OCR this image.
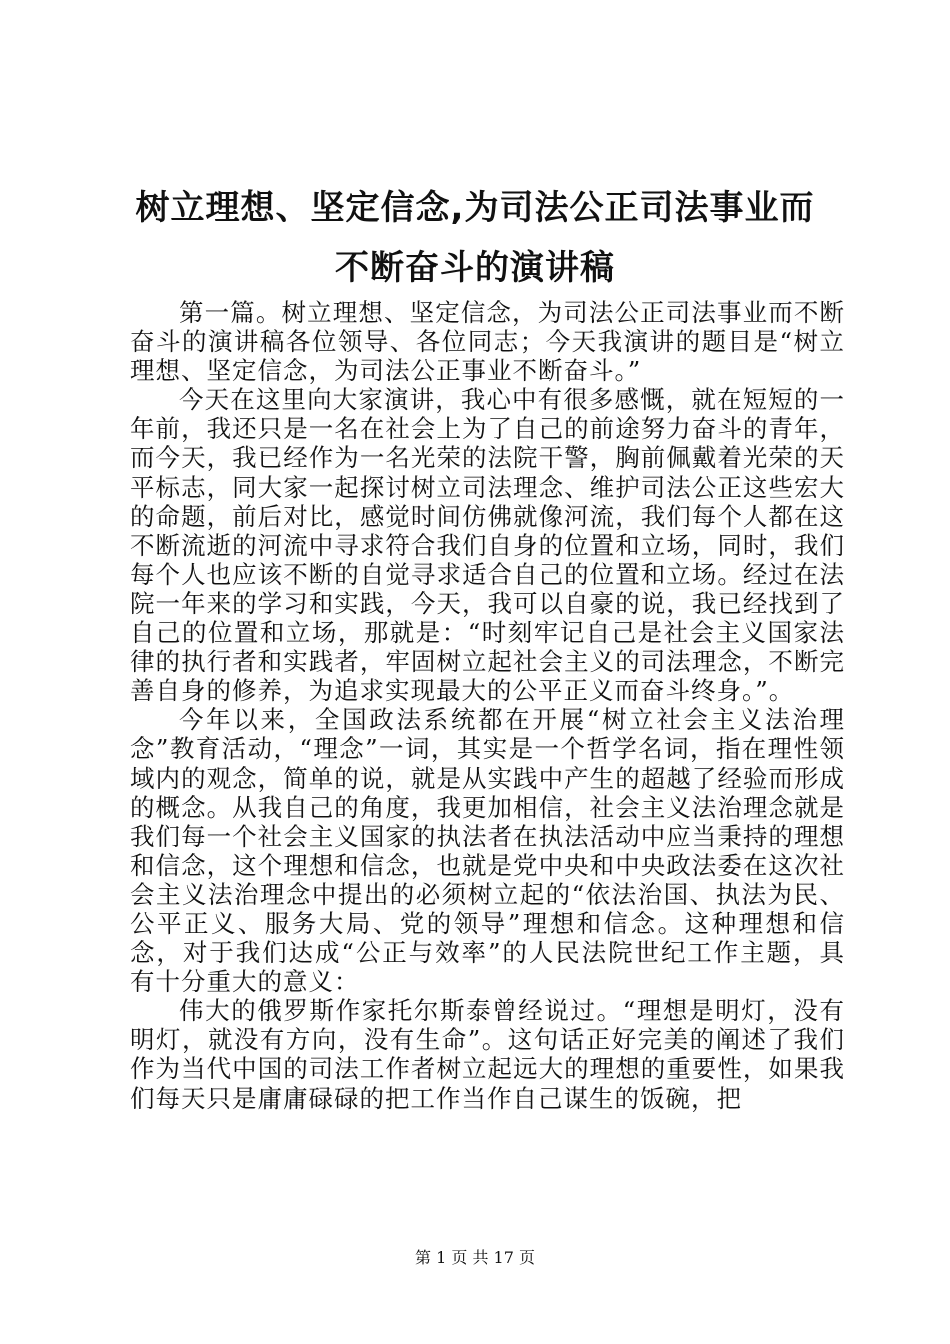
树立理想、坚定信念,为司法公正司法事业而
不断奋斗的演讲稿

第一篇。树立理想、坚定信念，为司法公正司法事业而不断奋斗的演讲稿各位领导、各位同志；今天我演讲的题目是“树立理想、坚定信念，为司法公正事业不断奋斗。”

今天在这里向大家演讲，我心中有很多感慨，就在短短的一年前，我还只是一名在社会上为了自己的前途努力奋斗的青年，而今天，我已经作为一名光荣的法院干警，胸前佩戴着光荣的天平标志，同大家一起探讨树立司法理念、维护司法公正这些宏大的命题，前后对比，感觉时间仿佛就像河流，我们每个人都在这不断流逝的河流中寻求符合我们自身的位置和立场，同时，我们每个人也应该不断的自觉寻求适合自己的位置和立场。经过在法院一年来的学习和实践，今天，我可以自豪的说，我已经找到了自己的位置和立场，那就是：“时刻牢记自己是社会主义国家法律的执行者和实践者，牢固树立起社会主义的司法理念，不断完善自身的修养，为追求实现最大的公平正义而奋斗终身。”。

今年以来，全国政法系统都在开展“树立社会主义法治理念”教育活动，“理念”一词，其实是一个哲学名词，指在理性领域内的观念，简单的说，就是从实践中产生的超越了经验而形成的概念。从我自己的角度，我更加相信，社会主义法治理念就是我们每一个社会主义国家的执法者在执法活动中应当秉持的理想和信念，这个理想和信念，也就是党中央和中央政法委在这次社会主义法治理念中提出的必须树立起的“依法治国、执法为民、公平正义、服务大局、党的领导”理想和信念。这种理想和信念，对于我们达成“公正与效率”的人民法院世纪工作主题，具有十分重大的意义：

伟大的俄罗斯作家托尔斯泰曾经说过。“理想是明灯，没有明灯，就没有方向，没有生命”。这句话正好完美的阐述了我们作为当代中国的司法工作者树立起远大的理想的重要性，如果我们每天只是庸庸碌碌的把工作当作自己谋生的饭碗，把

第 1 页 共 17 页
